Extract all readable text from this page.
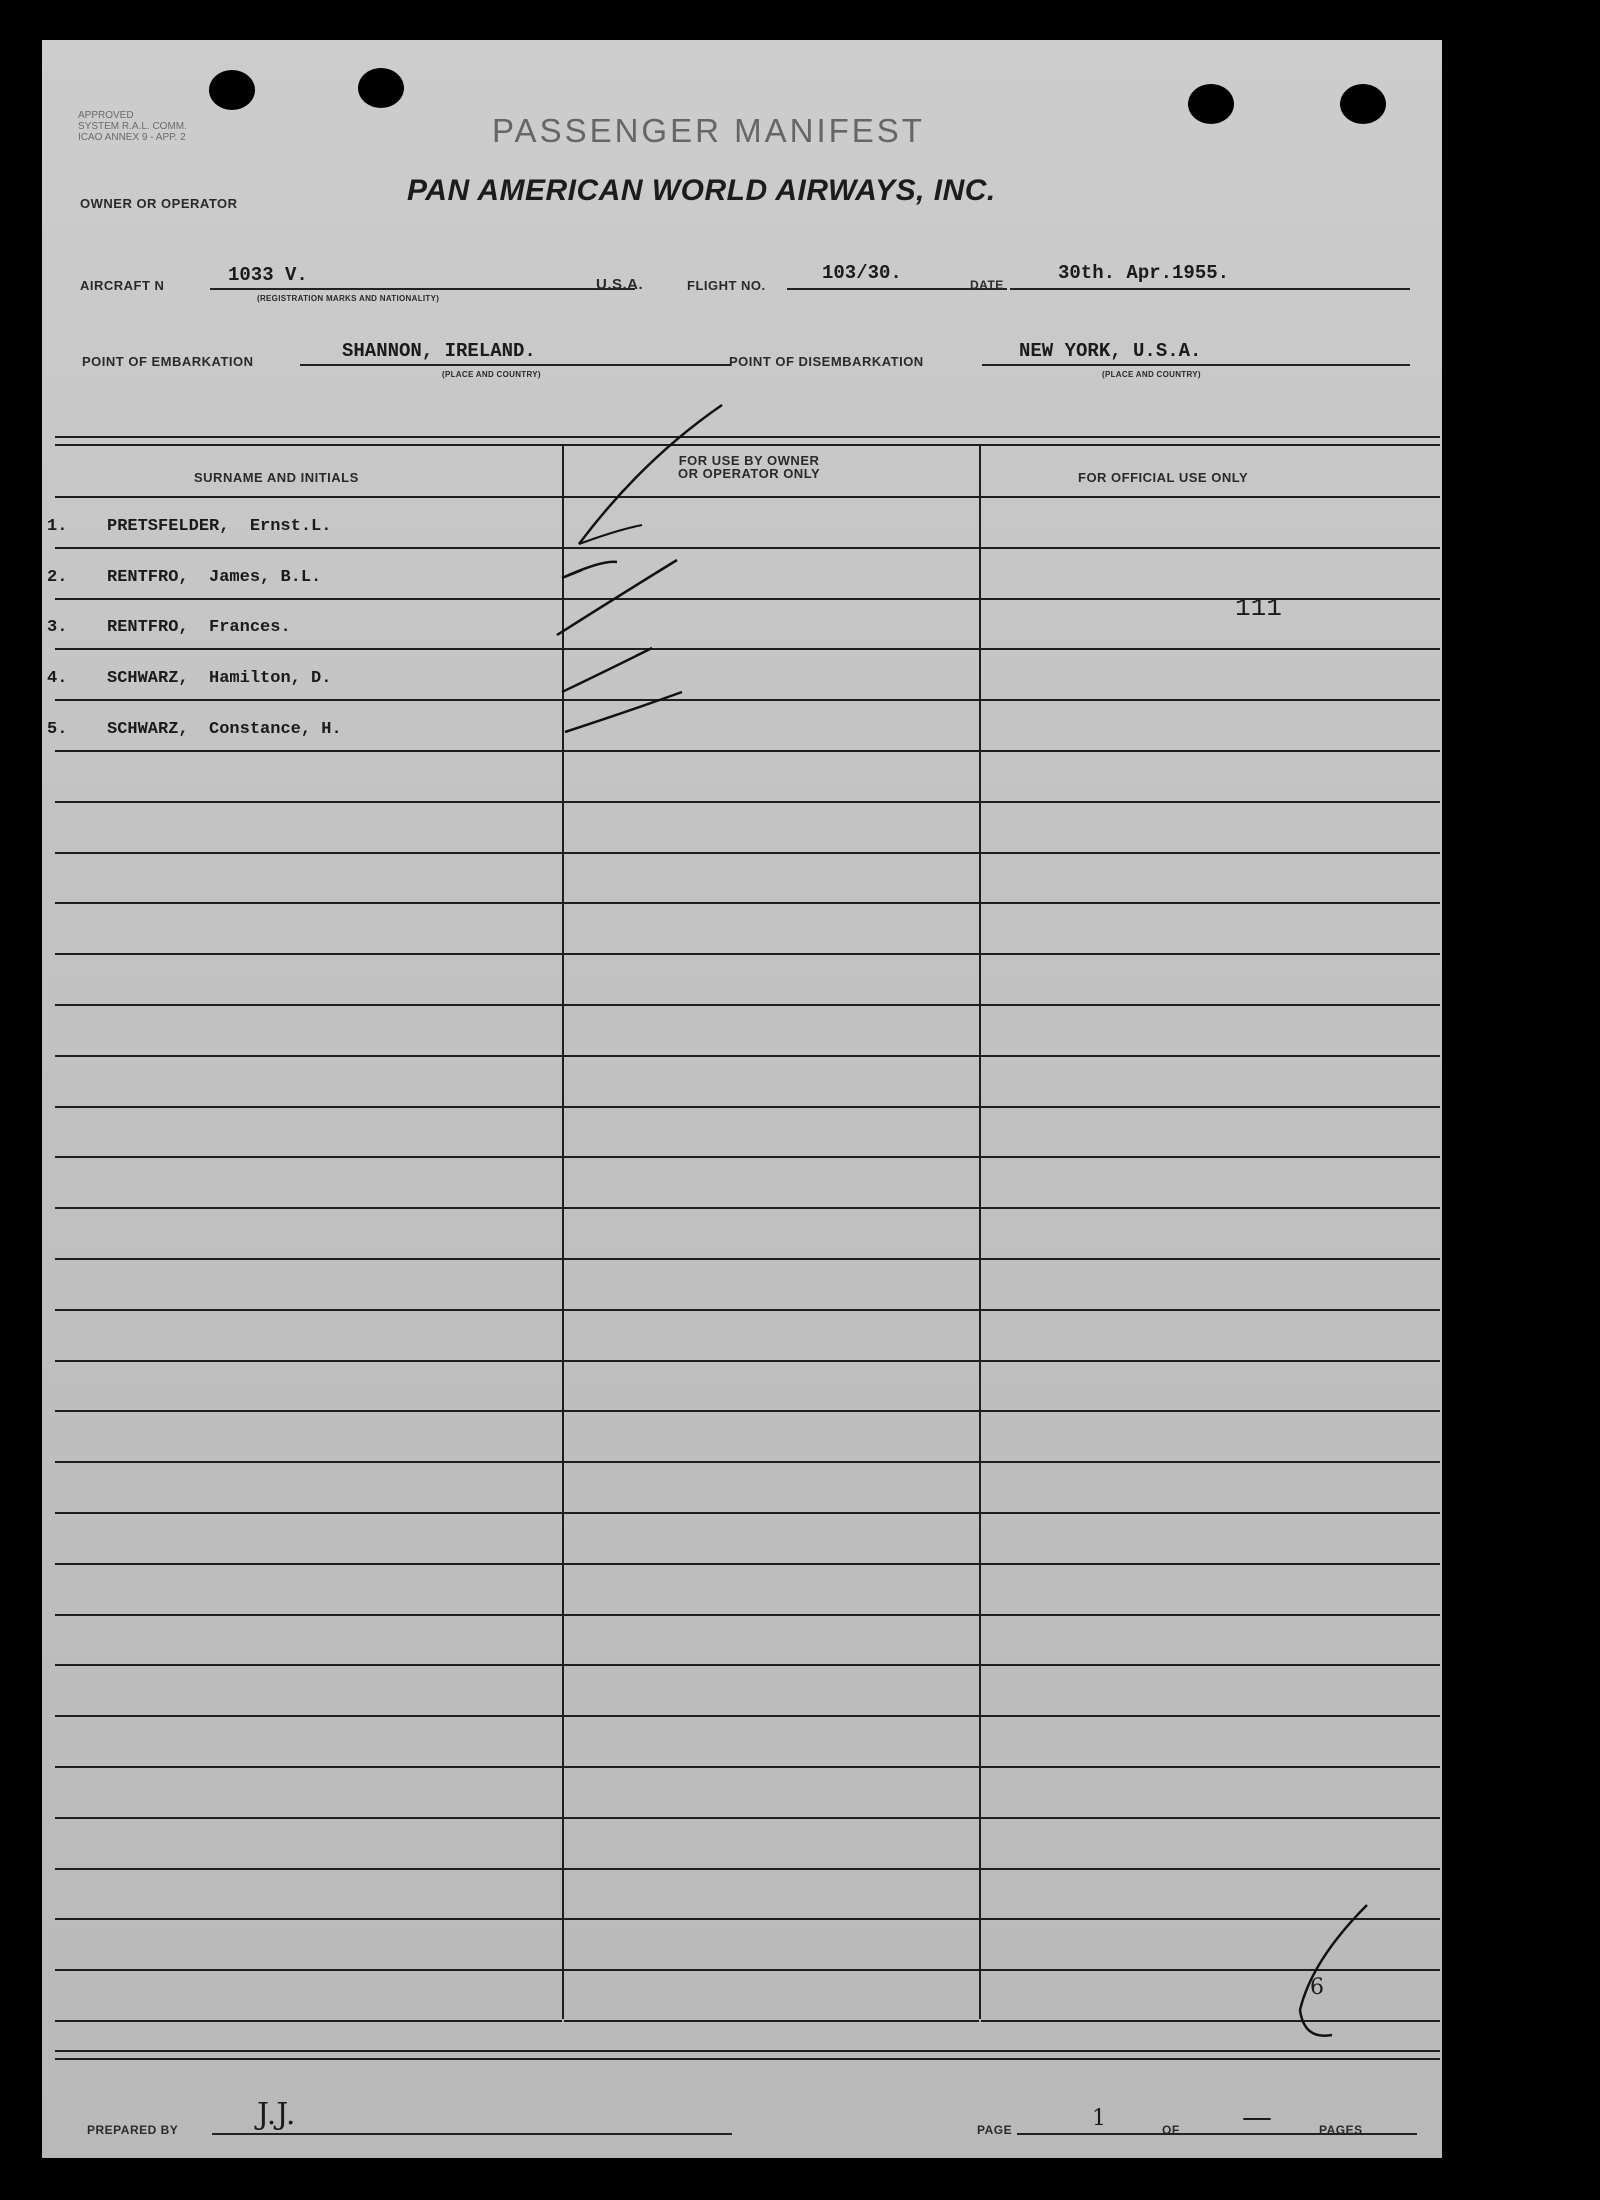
APPROVED
SYSTEM R.A.L. COMM.
ICAO ANNEX 9 - APP. 2	PASSENGER MANIFEST
OWNER OR OPERATOR	PAN AMERICAN WORLD AIRWAYS, INC.
AIRCRAFT N	1033 V.
(REGISTRATION MARKS AND NATIONALITY)
U.S.A.	FLIGHT NO.
103/30.
DATE
30th. Apr.1955.
POINT OF EMBARKATION	SHANNON, IRELAND.
(PLACE AND COUNTRY)
POINT OF DISEMBARKATION	NEW YORK, U.S.A.
(PLACE AND COUNTRY)
SURNAME AND INITIALS
FOR USE BY OWNER
OR OPERATOR ONLY	FOR OFFICIAL USE ONLY
1. PRETSFELDER, Ernst.L.
2. RENTFRO, James, B.L.
3. RENTFRO, Frances.
4. SCHWARZ, Hamilton, D.
5. SCHWARZ, Constance, H.
111
6
PREPARED BY	J.J.	PAGE	1	OF —	PAGES
